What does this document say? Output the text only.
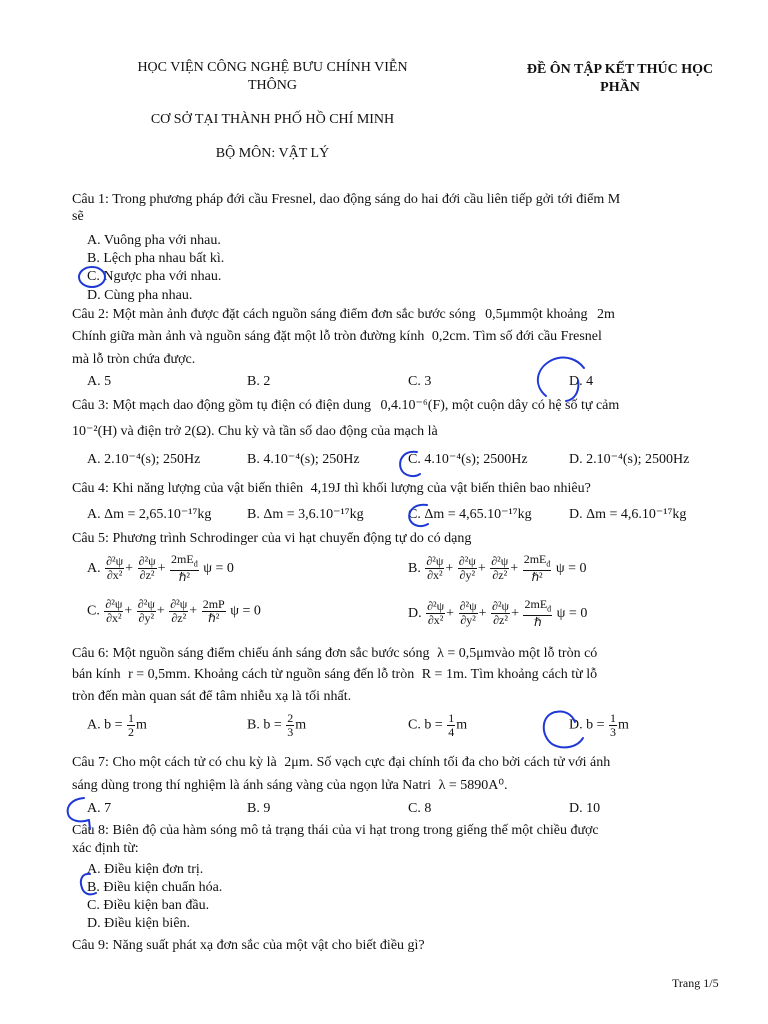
HỌC VIỆN CÔNG NGHỆ BƯU CHÍNH VIỄN
THÔNG
CƠ SỞ TẠI THÀNH PHỐ HỒ CHÍ MINH
BỘ MÔN: VẬT LÝ
ĐỀ ÔN TẬP KẾT THÚC HỌC
PHẦN
Câu 1: Trong phương pháp đới cầu Fresnel, dao động sáng do hai đới cầu liên tiếp gởi tới điểm M
sẽ
A. Vuông pha với nhau.
B. Lệch pha nhau bất kì.
C. Ngược pha với nhau.
D. Cùng pha nhau.
Câu 2: Một màn ảnh được đặt cách nguồn sáng điểm đơn sắc bước sóng 0,5μmmột khoảng 2m
Chính giữa màn ảnh và nguồn sáng đặt một lỗ tròn đường kính 0,2cm. Tìm số đới cầu Fresnel
mà lỗ tròn chứa được.
A. 5	B. 2	C. 3	D. 4
Câu 3: Một mạch dao động gồm tụ điện có điện dung 0,4.10⁻⁶(F), một cuộn dây có hệ số tự cảm
10⁻²(H) và điện trở 2(Ω). Chu kỳ và tần số dao động của mạch là
A. 2.10⁻⁴(s); 250Hz	B. 4.10⁻⁴(s); 250Hz	C. 4.10⁻⁴(s); 2500Hz	D. 2.10⁻⁴(s); 2500Hz
Câu 4: Khi năng lượng của vật biến thiên 4,19J thì khối lượng của vật biến thiên bao nhiêu?
A. Δm = 2,65.10⁻¹⁷kg	B. Δm = 3,6.10⁻¹⁷kg	C. Δm = 4,65.10⁻¹⁷kg	D. Δm = 4,6.10⁻¹⁷kg
Câu 5: Phương trình Schrodinger của vi hạt chuyển động tự do có dạng
A. $\frac{\text{∂²ψ}}{\text{∂x²}} + \frac{\text{∂²ψ}}{\text{∂z²}} + \frac{2mE_đ}{\text{ℏ²}}$ ψ = 0	B. $\frac{\text{∂²ψ}}{\text{∂x²}} + \frac{\text{∂²ψ}}{\text{∂y²}} + \frac{\text{∂²ψ}}{\text{∂z²}} + \frac{2mE_đ}{\text{ℏ²}}$ ψ = 0
C. $\frac{\text{∂²ψ}}{\text{∂x²}} + \frac{\text{∂²ψ}}{\text{∂y²}} + \frac{\text{∂²ψ}}{\text{∂z²}} + \frac{2mP}{\text{ℏ²}}$ ψ = 0	D. $\frac{\text{∂²ψ}}{\text{∂x²}} + \frac{\text{∂²ψ}}{\text{∂y²}} + \frac{\text{∂²ψ}}{\text{∂z²}} + \frac{2mE_đ}{\text{ℏ}}$ ψ = 0
Câu 6: Một nguồn sáng điểm chiếu ánh sáng đơn sắc bước sóng λ = 0,5μmvào một lỗ tròn có
bán kính r = 0,5mm. Khoảng cách từ nguồn sáng đến lỗ tròn R = 1m. Tìm khoảng cách từ lỗ
tròn đến màn quan sát để tâm nhiễu xạ là tối nhất.
A. $b = \frac{1}{2}$ m	B. $b = \frac{2}{3}$ m	C. $b = \frac{1}{4}$ m	D. $b = \frac{1}{3}$ m
Câu 7: Cho một cách tử có chu kỳ là 2μm. Số vạch cực đại chính tối đa cho bởi cách tử với ánh
sáng dùng trong thí nghiệm là ánh sáng vàng của ngọn lửa Natri λ = 5890A⁰.
A. 7	B. 9	C. 8	D. 10
Câu 8: Biên độ của hàm sóng mô tả trạng thái của vi hạt trong trong giếng thế một chiều được
xác định từ:
A. Điều kiện đơn trị.
B. Điều kiện chuẩn hóa.
C. Điều kiện ban đầu.
D. Điều kiện biên.
Câu 9: Năng suất phát xạ đơn sắc của một vật cho biết điều gì?
Trang 1/5
